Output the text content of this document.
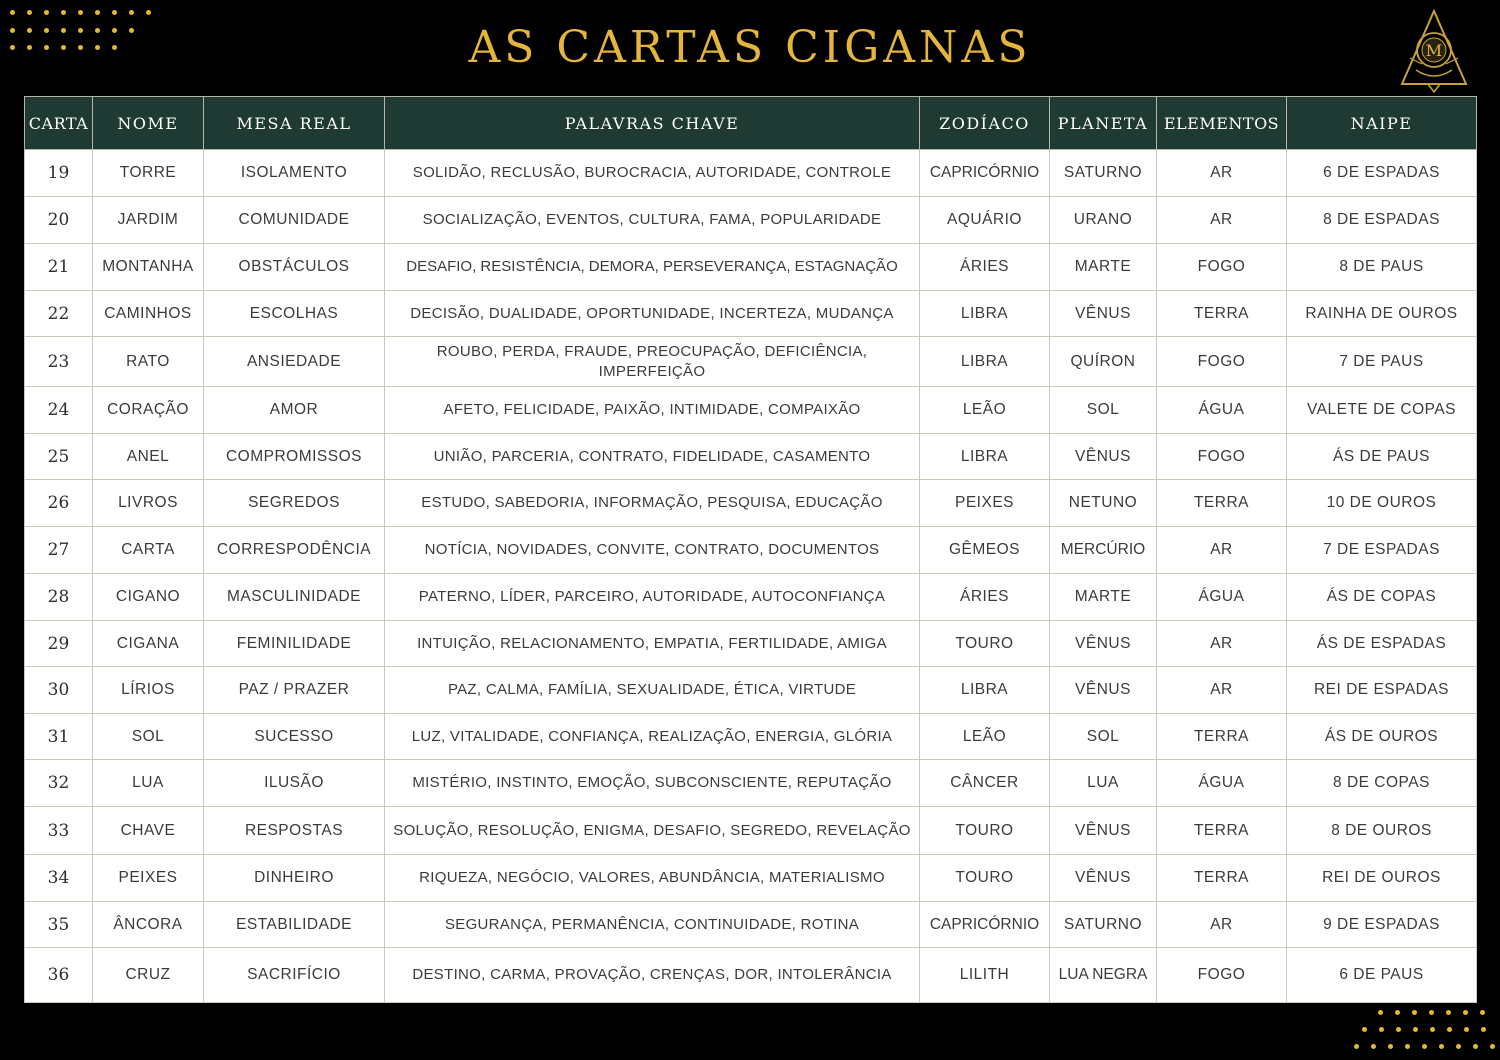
AS CARTAS CIGANAS	M
CARTA	NOME	MESA REAL	PALAVRAS CHAVE	ZODÍACO	PLANETA	ELEMENTOS	NAIPE
19	TORRE	ISOLAMENTO	SOLIDÃO, RECLUSÃO, BUROCRACIA, AUTORIDADE, CONTROLE	CAPRICÓRNIO	SATURNO	AR	6 DE ESPADAS
20	JARDIM	COMUNIDADE	SOCIALIZAÇÃO, EVENTOS, CULTURA, FAMA, POPULARIDADE	AQUÁRIO	URANO	AR	8 DE ESPADAS
21	MONTANHA	OBSTÁCULOS	DESAFIO, RESISTÊNCIA, DEMORA, PERSEVERANÇA, ESTAGNAÇÃO	ÁRIES	MARTE	FOGO	8 DE PAUS
22	CAMINHOS	ESCOLHAS	DECISÃO, DUALIDADE, OPORTUNIDADE, INCERTEZA, MUDANÇA	LIBRA	VÊNUS	TERRA	RAINHA DE OUROS
23	RATO	ANSIEDADE	ROUBO, PERDA, FRAUDE, PREOCUPAÇÃO, DEFICIÊNCIA, IMPERFEIÇÃO	LIBRA	QUÍRON	FOGO	7 DE PAUS
24	CORAÇÃO	AMOR	AFETO, FELICIDADE, PAIXÃO, INTIMIDADE, COMPAIXÃO	LEÃO	SOL	ÁGUA	VALETE DE COPAS
25	ANEL	COMPROMISSOS	UNIÃO, PARCERIA, CONTRATO, FIDELIDADE, CASAMENTO	LIBRA	VÊNUS	FOGO	ÁS DE PAUS
26	LIVROS	SEGREDOS	ESTUDO, SABEDORIA, INFORMAÇÃO, PESQUISA, EDUCAÇÃO	PEIXES	NETUNO	TERRA	10 DE OUROS
27	CARTA	CORRESPODÊNCIA	NOTÍCIA, NOVIDADES, CONVITE, CONTRATO, DOCUMENTOS	GÊMEOS	MERCÚRIO	AR	7 DE ESPADAS
28	CIGANO	MASCULINIDADE	PATERNO, LÍDER, PARCEIRO, AUTORIDADE, AUTOCONFIANÇA	ÁRIES	MARTE	ÁGUA	ÁS DE COPAS
29	CIGANA	FEMINILIDADE	INTUIÇÃO, RELACIONAMENTO, EMPATIA, FERTILIDADE, AMIGA	TOURO	VÊNUS	AR	ÁS DE ESPADAS
30	LÍRIOS	PAZ / PRAZER	PAZ, CALMA, FAMÍLIA, SEXUALIDADE, ÉTICA, VIRTUDE	LIBRA	VÊNUS	AR	REI DE ESPADAS
31	SOL	SUCESSO	LUZ, VITALIDADE, CONFIANÇA, REALIZAÇÃO, ENERGIA, GLÓRIA	LEÃO	SOL	TERRA	ÁS DE OUROS
32	LUA	ILUSÃO	MISTÉRIO, INSTINTO, EMOÇÃO, SUBCONSCIENTE, REPUTAÇÃO	CÂNCER	LUA	ÁGUA	8 DE COPAS
33	CHAVE	RESPOSTAS	SOLUÇÃO, RESOLUÇÃO, ENIGMA, DESAFIO, SEGREDO, REVELAÇÃO	TOURO	VÊNUS	TERRA	8 DE OUROS
34	PEIXES	DINHEIRO	RIQUEZA, NEGÓCIO, VALORES, ABUNDÂNCIA, MATERIALISMO	TOURO	VÊNUS	TERRA	REI DE OUROS
35	ÂNCORA	ESTABILIDADE	SEGURANÇA, PERMANÊNCIA, CONTINUIDADE, ROTINA	CAPRICÓRNIO	SATURNO	AR	9 DE ESPADAS
36	CRUZ	SACRIFÍCIO	DESTINO, CARMA, PROVAÇÃO, CRENÇAS, DOR, INTOLERÂNCIA	LILITH	LUA NEGRA	FOGO	6 DE PAUS
